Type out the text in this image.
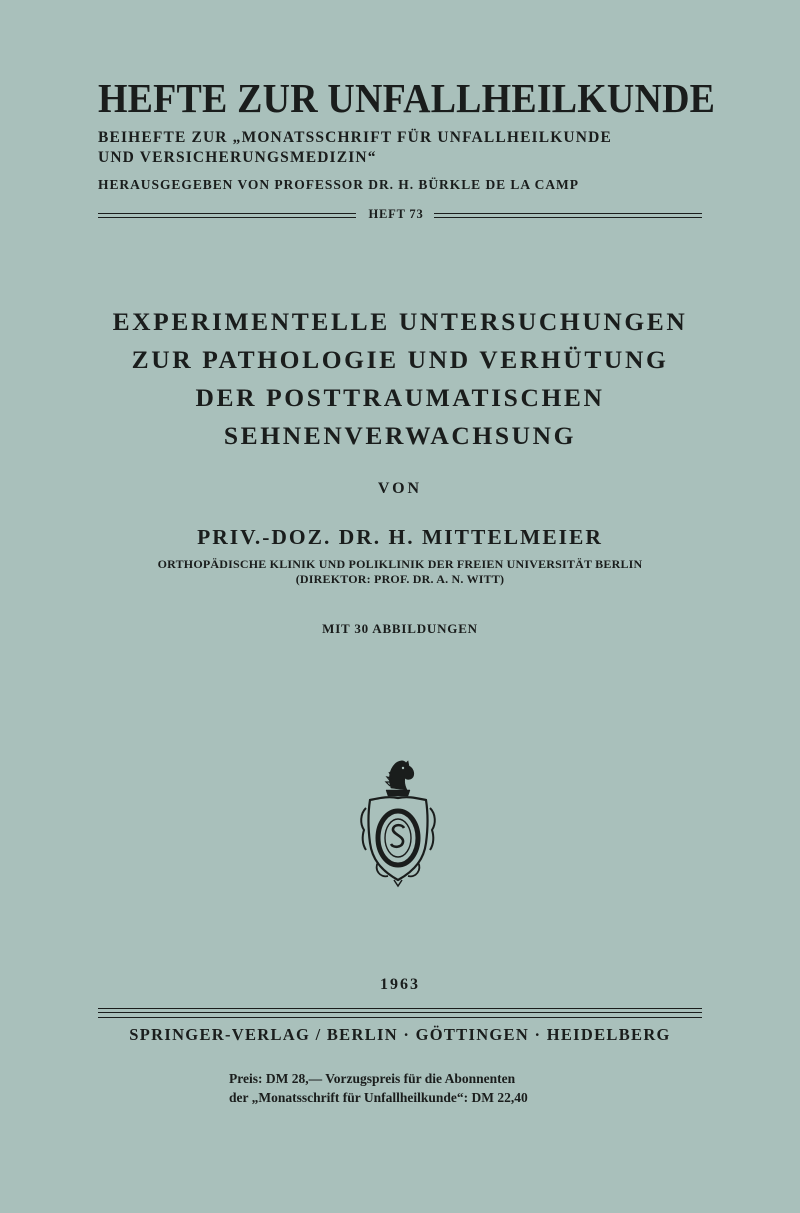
HEFTE ZUR UNFALLHEILKUNDE
BEIHEFTE ZUR „MONATSSCHRIFT FÜR UNFALLHEILKUNDE
UND VERSICHERUNGSMEDIZIN“
HERAUSGEGEBEN VON PROFESSOR DR. H. BÜRKLE DE LA CAMP
HEFT 73
EXPERIMENTELLE UNTERSUCHUNGEN
ZUR PATHOLOGIE UND VERHÜTUNG
DER POSTTRAUMATISCHEN
SEHNENVERWACHSUNG
VON
PRIV.-DOZ. DR. H. MITTELMEIER
ORTHOPÄDISCHE KLINIK UND POLIKLINIK DER FREIEN UNIVERSITÄT BERLIN
(DIREKTOR: PROF. DR. A. N. WITT)
MIT 30 ABBILDUNGEN
1963
SPRINGER-VERLAG / BERLIN · GÖTTINGEN · HEIDELBERG
Preis: DM 28,— Vorzugspreis für die Abonnenten
der „Monatsschrift für Unfallheilkunde“: DM 22,40
